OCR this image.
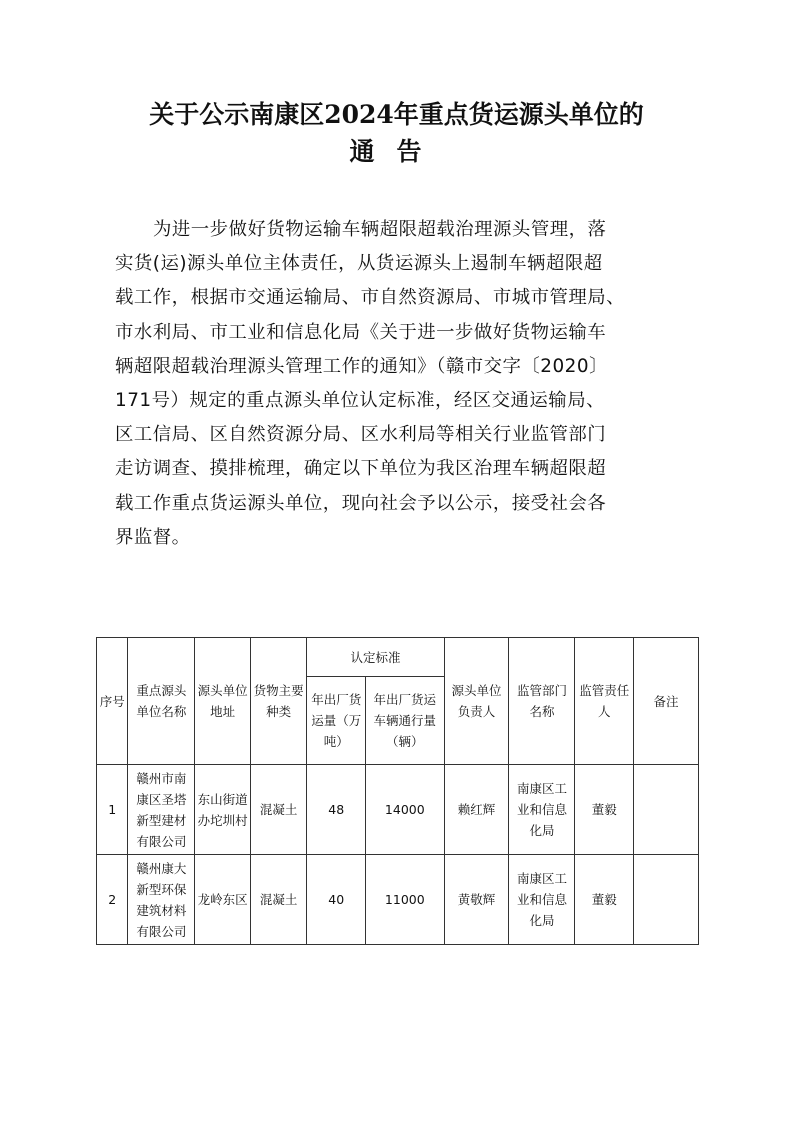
关于公示南康区2024年重点货运源头单位的
通告
为进一步做好货物运输车辆超限超载治理源头管理，落
实货(运)源头单位主体责任，从货运源头上遏制车辆超限超
载工作，根据市交通运输局、市自然资源局、市城市管理局、
市水利局、市工业和信息化局《关于进一步做好货物运输车
辆超限超载治理源头管理工作的通知》（赣市交字〔2020〕
171号）规定的重点源头单位认定标准，经区交通运输局、
区工信局、区自然资源分局、区水利局等相关行业监管部门
走访调查、摸排梳理，确定以下单位为我区治理车辆超限超
载工作重点货运源头单位，现向社会予以公示，接受社会各
界监督。
序号	重点源头单位名称	源头单位地址	货物主要种类	认定标准		源头单位负责人	监管部门名称	监管责任人	备注
				年出厂货运量（万吨）	年出厂货运车辆通行量（辆）				
1	赣州市南康区圣塔新型建材有限公司	东山街道办坨圳村	混凝土	48	14000	赖红辉	南康区工业和信息化局	董毅	
2	赣州康大新型环保建筑材料有限公司	龙岭东区	混凝土	40	11000	黄敬辉	南康区工业和信息化局	董毅	
